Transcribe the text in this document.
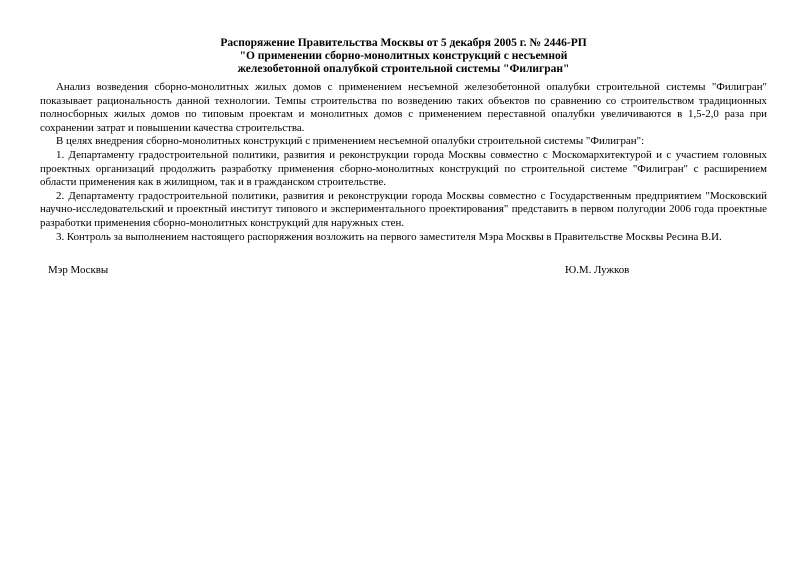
Распоряжение Правительства Москвы от 5 декабря 2005 г. № 2446-РП
"О применении сборно-монолитных конструкций с несъемной
железобетонной опалубкой строительной системы "Филигран"

Анализ возведения сборно-монолитных жилых домов с применением несъемной железобетонной опалубки строительной системы "Филигран" показывает рациональность данной технологии. Темпы строительства по возведению таких объектов по сравнению со строительством традиционных полносборных жилых домов по типовым проектам и монолитных домов с применением переставной опалубки увеличиваются в 1,5-2,0 раза при сохранении затрат и повышении качества строительства.

В целях внедрения сборно-монолитных конструкций с применением несъемной опалубки строительной системы "Филигран":

1. Департаменту градостроительной политики, развития и реконструкции города Москвы совместно с Москомархитектурой и с участием головных проектных организаций продолжить разработку применения сборно-монолитных конструкций по строительной системе "Филигран" с расширением области применения как в жилищном, так и в гражданском строительстве.

2. Департаменту градостроительной политики, развития и реконструкции города Москвы совместно с Государственным предприятием "Московский научно-исследовательский и проектный институт типового и экспериментального проектирования" представить в первом полугодии 2006 года проектные разработки применения сборно-монолитных конструкций для наружных стен.

3. Контроль за выполнением настоящего распоряжения возложить на первого заместителя Мэра Москвы в Правительстве Москвы Ресина В.И.

Мэр Москвы	Ю.М. Лужков
